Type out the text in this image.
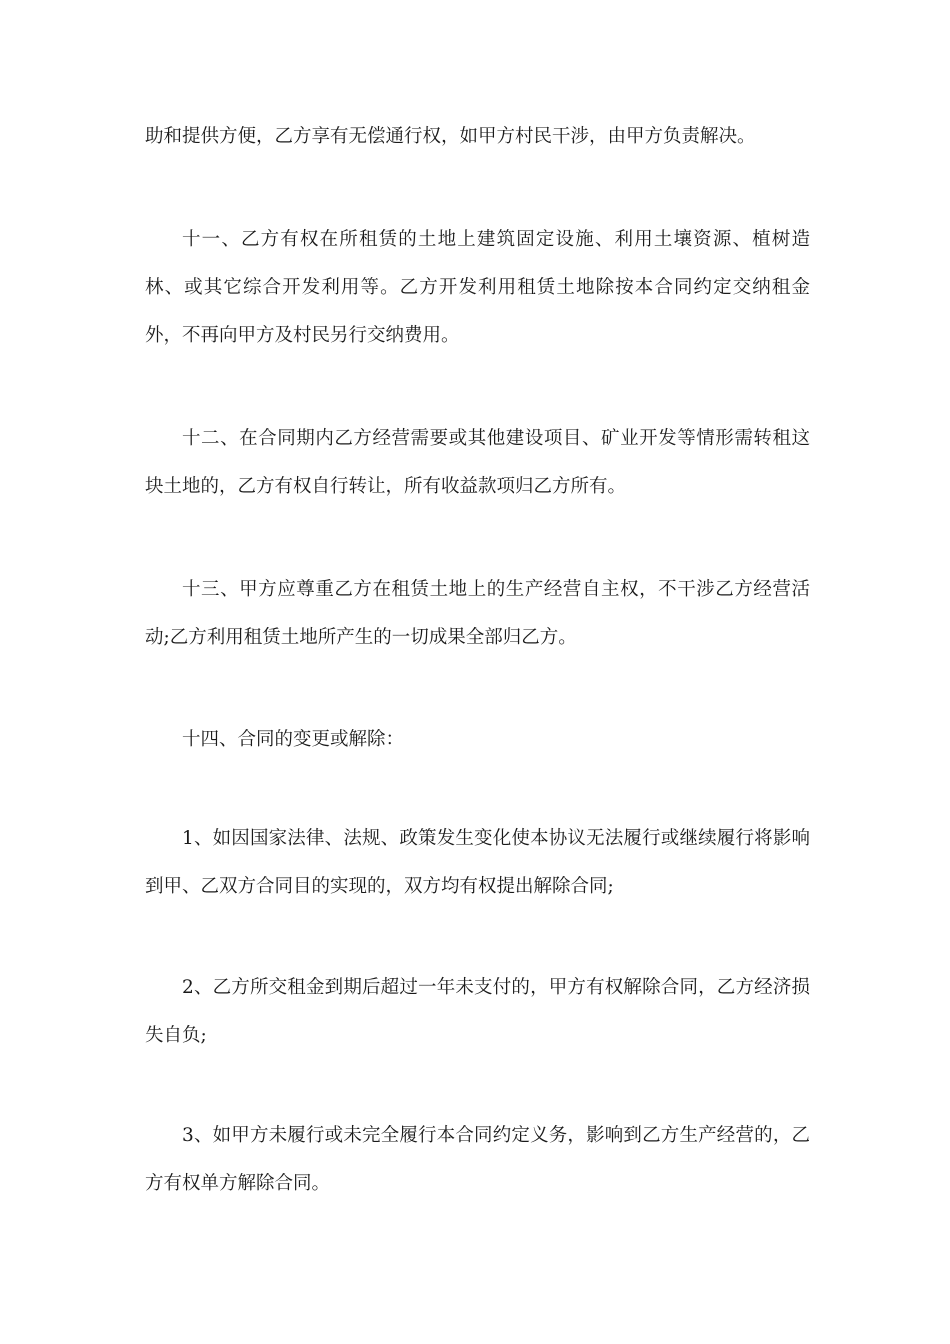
助和提供方便，乙方享有无偿通行权，如甲方村民干涉，由甲方负责解决。

十一、乙方有权在所租赁的土地上建筑固定设施、利用土壤资源、植树造林、或其它综合开发利用等。乙方开发利用租赁土地除按本合同约定交纳租金外，不再向甲方及村民另行交纳费用。

十二、在合同期内乙方经营需要或其他建设项目、矿业开发等情形需转租这块土地的，乙方有权自行转让，所有收益款项归乙方所有。

十三、甲方应尊重乙方在租赁土地上的生产经营自主权，不干涉乙方经营活动;乙方利用租赁土地所产生的一切成果全部归乙方。

十四、合同的变更或解除：

1、如因国家法律、法规、政策发生变化使本协议无法履行或继续履行将影响到甲、乙双方合同目的实现的，双方均有权提出解除合同;

2、乙方所交租金到期后超过一年未支付的，甲方有权解除合同，乙方经济损失自负;

3、如甲方未履行或未完全履行本合同约定义务，影响到乙方生产经营的，乙方有权单方解除合同。
